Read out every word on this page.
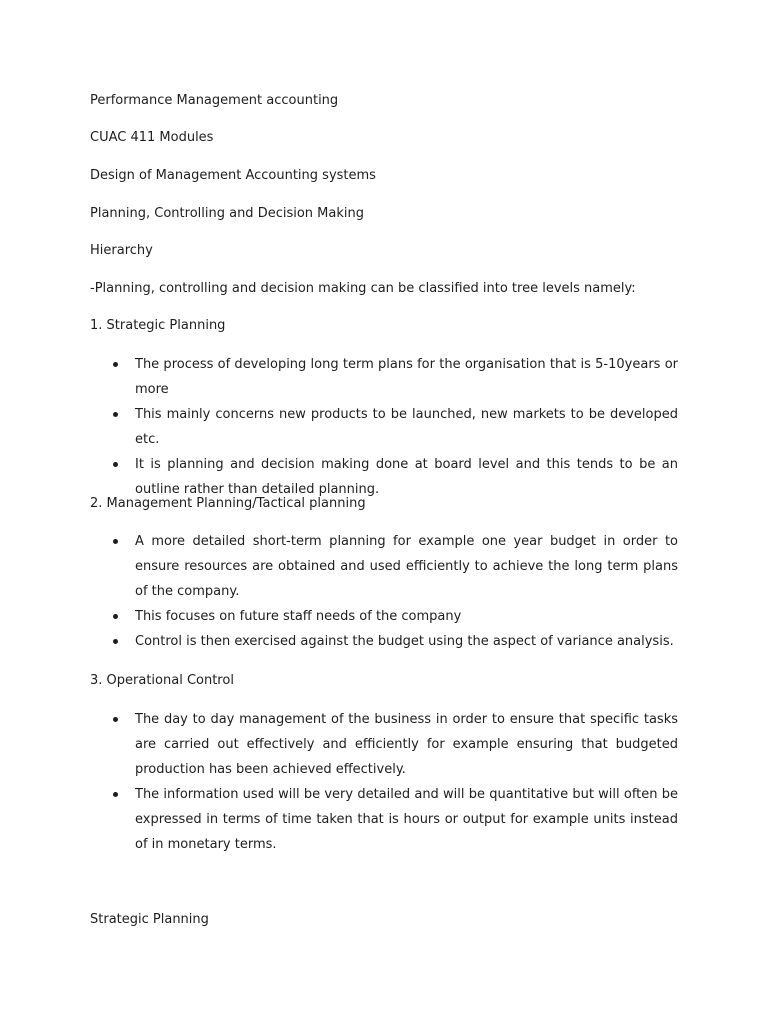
Performance Management accounting

CUAC 411 Modules

Design of Management Accounting systems

Planning, Controlling and Decision Making

Hierarchy

-Planning, controlling and decision making can be classified into tree levels namely:

1. Strategic Planning

The process of developing long term plans for the organisation that is 5-10years or more
This mainly concerns new products to be launched, new markets to be developed etc.
It is planning and decision making done at board level and this tends to be an outline rather than detailed planning.

2. Management Planning/Tactical planning

A more detailed short-term planning for example one year budget in order to ensure resources are obtained and used efficiently to achieve the long term plans of the company.
This focuses on future staff needs of the company
Control is then exercised against the budget using the aspect of variance analysis.

3. Operational Control

The day to day management of the business in order to ensure that specific tasks are carried out effectively and efficiently for example ensuring that budgeted production has been achieved effectively.
The information used will be very detailed and will be quantitative but will often be expressed in terms of time taken that is hours or output for example units instead of in monetary terms.

Strategic Planning
